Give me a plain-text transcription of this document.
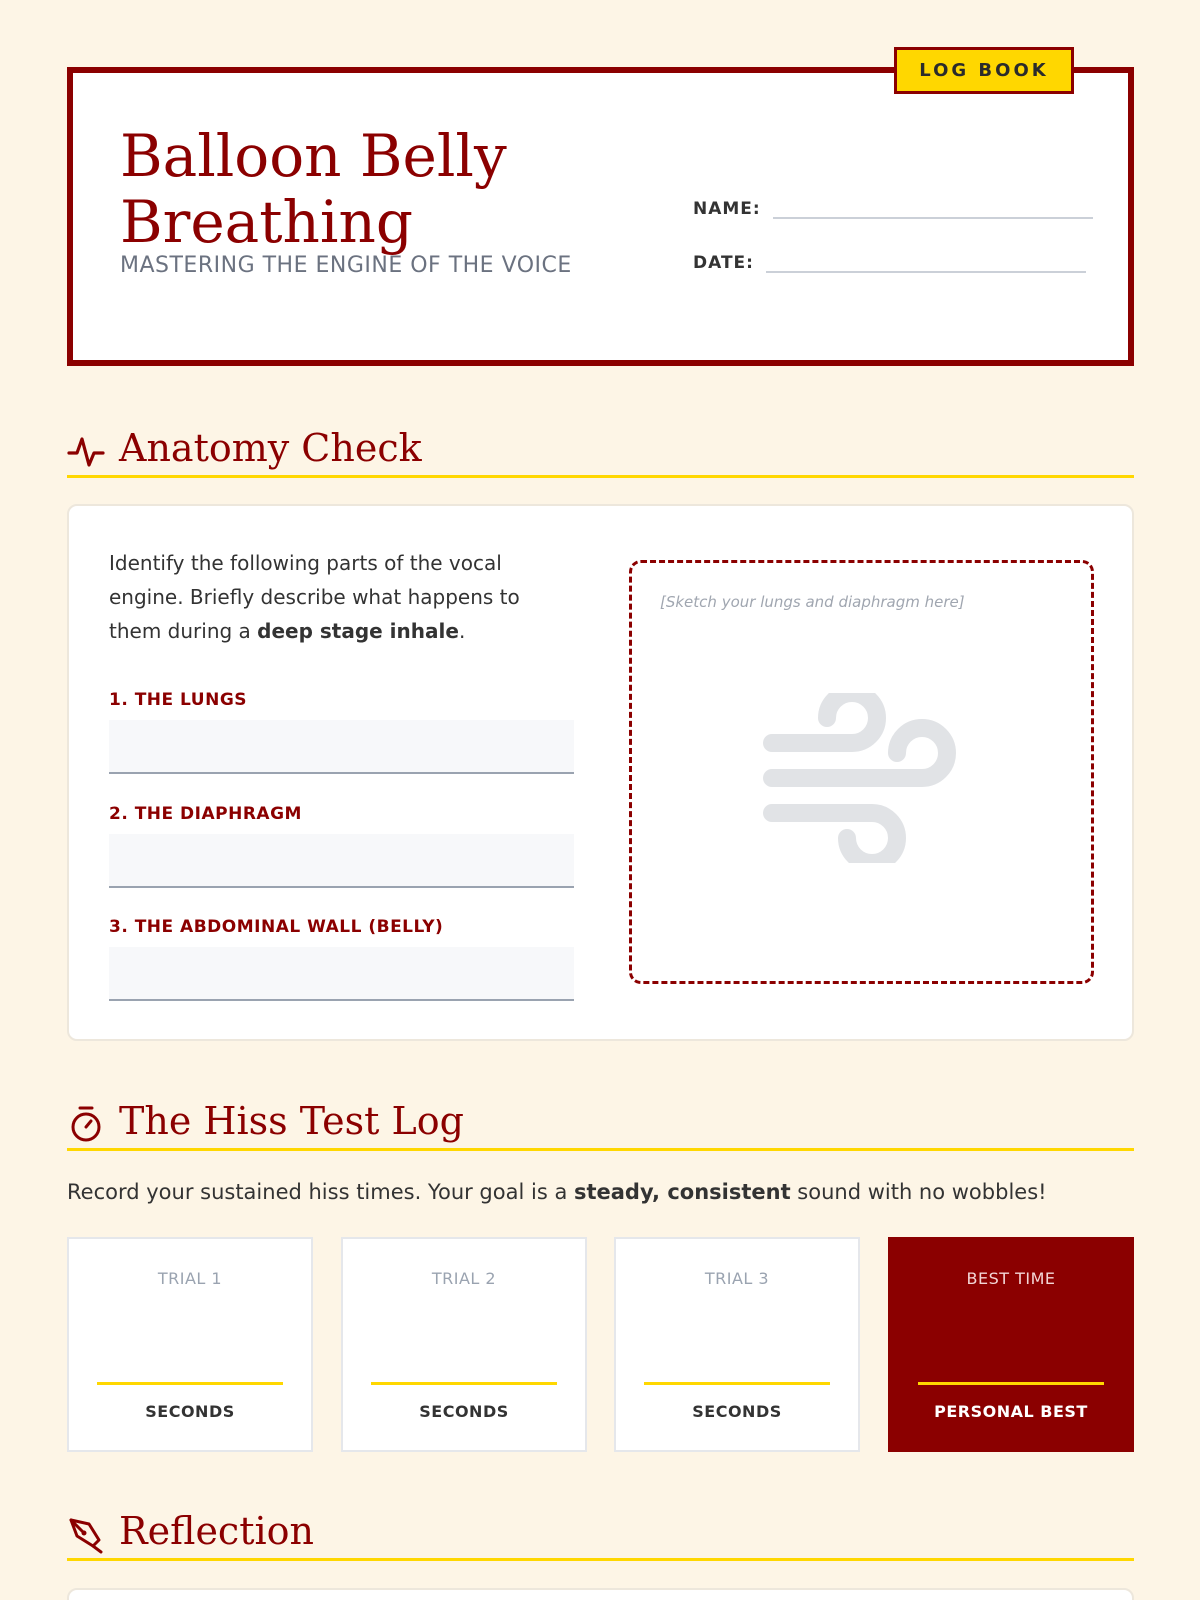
Balloon Belly Breathing
MASTERING THE ENGINE OF THE VOICE
NAME:
DATE:
LOG BOOK
Anatomy Check

Identify the following parts of the vocal engine. Briefly describe what happens to them during a deep stage inhale.

1. THE LUNGS
2. THE DIAPHRAGM
3. THE ABDOMINAL WALL (BELLY)
[Sketch your lungs and diaphragm here]
The Hiss Test Log

Record your sustained hiss times. Your goal is a steady, consistent sound with no wobbles!

TRIAL 1
SECONDS
TRIAL 2
SECONDS
TRIAL 3
SECONDS
BEST TIME
PERSONAL BEST
Reflection
